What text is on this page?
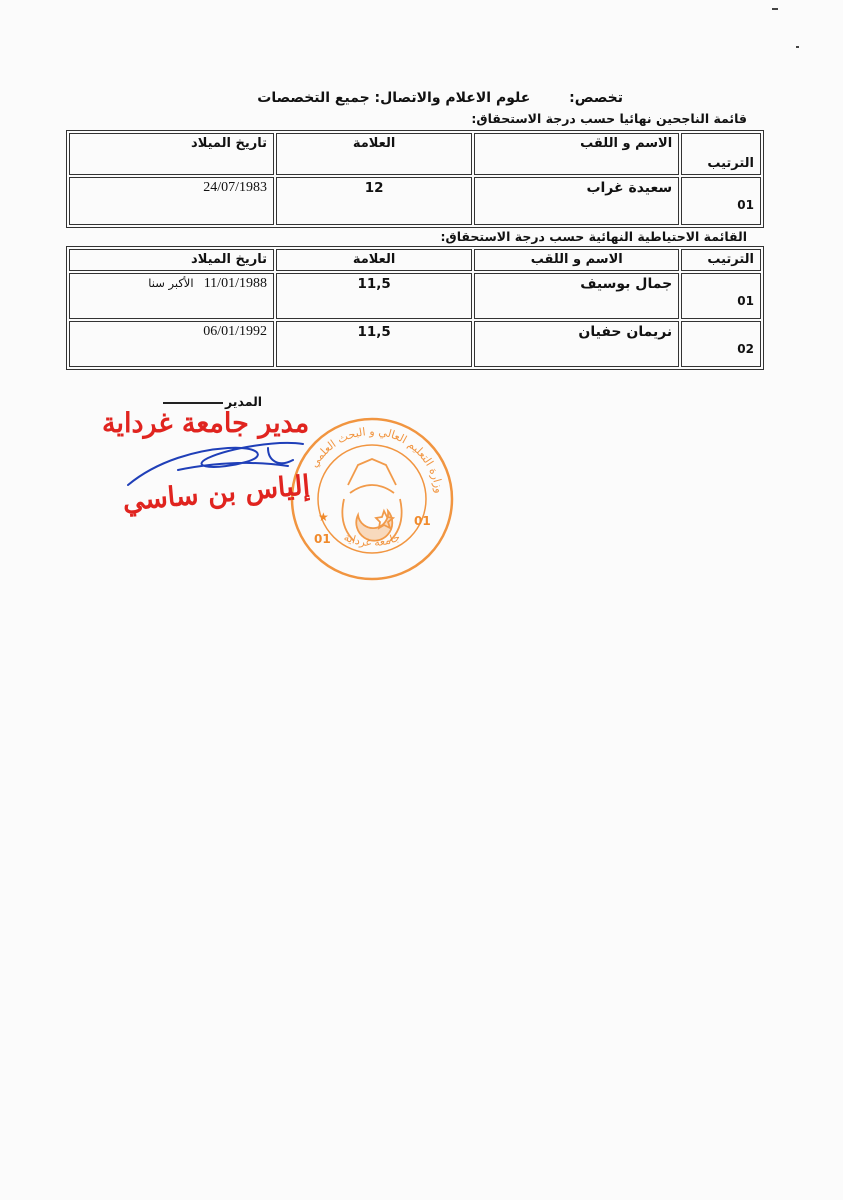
تخصص: علوم الاعلام والاتصال: جميع التخصصات
قائمة الناجحين نهائيا حسب درجة الاستحقاق:
الترتيب	الاسم و اللقب	العلامة	تاريخ الميلاد

01	سعيدة غراب	12	24/07/1983
القائمة الاحتياطية النهائية حسب درجة الاستحقاق:
الترتيب	الاسم و اللقب	العلامة	تاريخ الميلاد

01	جمال بوسيف	11,5	11/01/1988 الأكبر سنا

02	نريمان حفيان	11,5	06/01/1992
المدير
وزارة التعليم العالي و البحث العلمي
جامعة غرداية
01
01
★
مدير جامعة غرداية
إلياس بن ساسي
